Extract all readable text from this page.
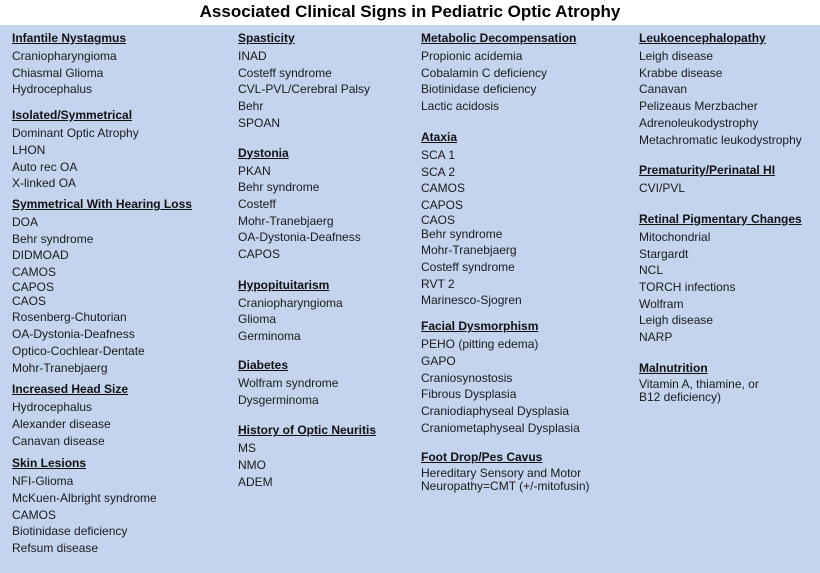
Associated Clinical Signs in Pediatric Optic Atrophy
Infantile Nystagmus
Craniopharyngioma
Chiasmal Glioma
Hydrocephalus
Isolated/Symmetrical
Dominant Optic Atrophy
LHON
Auto rec OA
X-linked OA
Symmetrical With Hearing Loss
DOA
Behr syndrome
DIDMOAD
CAMOS
CAPOS
CAOS
Rosenberg-Chutorian
OA-Dystonia-Deafness
Optico-Cochlear-Dentate
Mohr-Tranebjaerg
Increased Head Size
Hydrocephalus
Alexander disease
Canavan disease
Skin Lesions
NFI-Glioma
McKuen-Albright syndrome
CAMOS
Biotinidase deficiency
Refsum disease
Spasticity
INAD
Costeff syndrome
CVL-PVL/Cerebral Palsy
Behr
SPOAN
Dystonia
PKAN
Behr syndrome
Costeff
Mohr-Tranebjaerg
OA-Dystonia-Deafness
CAPOS
Hypopituitarism
Craniopharyngioma
Glioma
Germinoma
Diabetes
Wolfram syndrome
Dysgerminoma
History of Optic Neuritis
MS
NMO
ADEM
Metabolic Decompensation
Propionic acidemia
Cobalamin C deficiency
Biotinidase deficiency
Lactic acidosis
Ataxia
SCA 1
SCA 2
CAMOS
CAPOS
CAOS
Behr syndrome
Mohr-Tranebjaerg
Costeff syndrome
RVT 2
Marinesco-Sjogren
Facial Dysmorphism
PEHO (pitting edema)
GAPO
Craniosynostosis
Fibrous Dysplasia
Craniodiaphyseal Dysplasia
Craniometaphyseal Dysplasia
Foot Drop/Pes Cavus
Hereditary Sensory and Motor
Neuropathy=CMT (+/-mitofusin)
Leukoencephalopathy
Leigh disease
Krabbe disease
Canavan
Pelizeaus Merzbacher
Adrenoleukodystrophy
Metachromatic leukodystrophy
Prematurity/Perinatal HI
CVI/PVL
Retinal Pigmentary Changes
Mitochondrial
Stargardt
NCL
TORCH infections
Wolfram
Leigh disease
NARP
Malnutrition
Vitamin A, thiamine, or
B12 deficiency)
